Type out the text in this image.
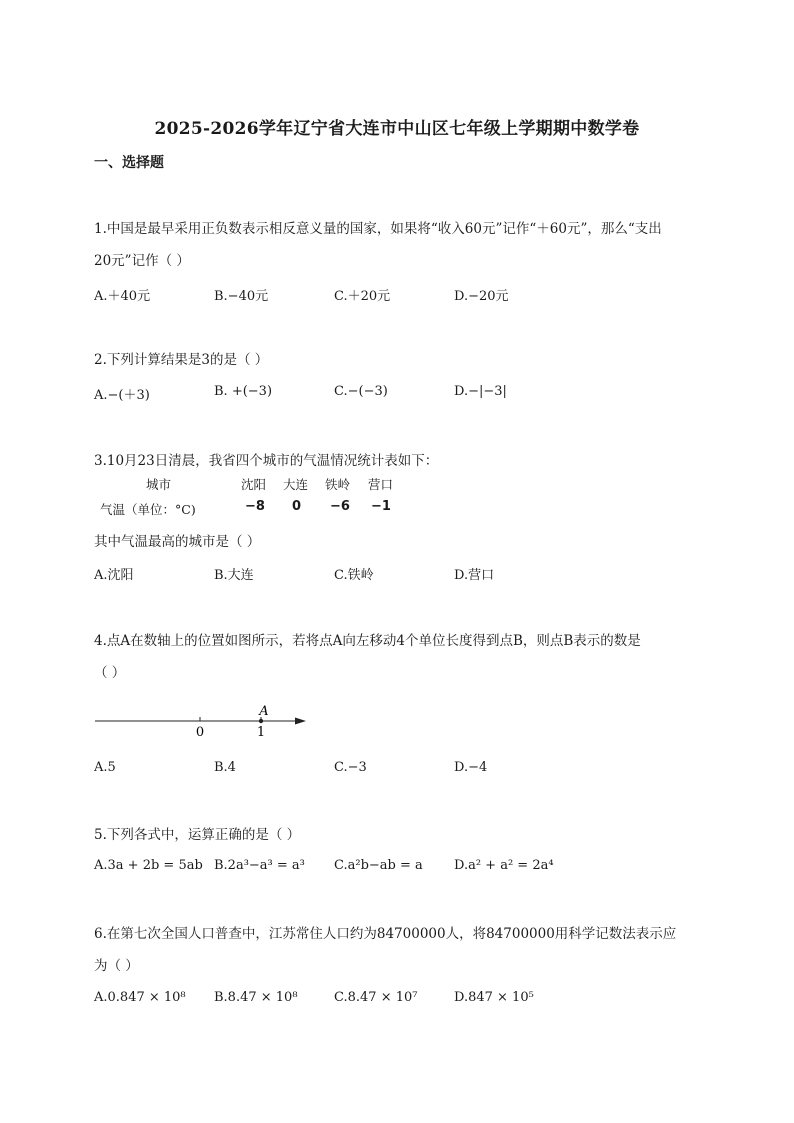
2025-2026学年辽宁省大连市中山区七年级上学期期中数学卷
一、选择题
1.中国是最早采用正负数表示相反意义量的国家，如果将“收入60元”记作“＋60元”，那么“支出
20元”记作（ ）
A.＋40元	B.−40元	C.＋20元	D.−20元
2.下列计算结果是3的是（ ）
A.−(＋3)	B. +(−3)	C.−(−3)	D.−|−3|
3.10月23日清晨，我省四个城市的气温情况统计表如下：
城市	沈阳 大连 铁岭 营口
气温（单位：°C)	−8 0 −6 −1
其中气温最高的城市是（ ）
A.沈阳	B.大连	C.铁岭	D.营口
4.点A在数轴上的位置如图所示，若将点A向左移动4个单位长度得到点B，则点B表示的数是
（ ）
A
0	1
A.5	B.4	C.−3	D.−4
5.下列各式中，运算正确的是（ ）
A.3a + 2b = 5ab B.2a³−a³ = a³ C.a²b−ab = a D.a² + a² = 2a⁴
6.在第七次全国人口普查中，江苏常住人口约为84700000人，将84700000用科学记数法表示应
为（ ）
A.0.847 × 10⁸ B.8.47 × 10⁸	C.8.47 × 10⁷	D.847 × 10⁵
